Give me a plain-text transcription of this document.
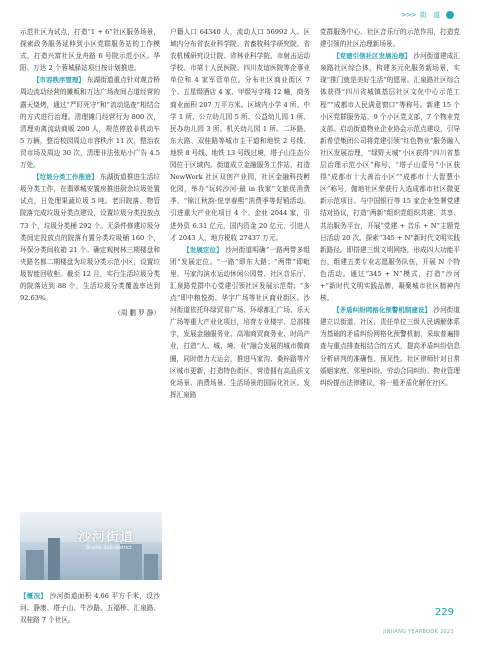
>>> 街 道

示范社区为试点，打造“1 + 6”社区服务场景，探索政务服务延伸到小区党群服务站的工作模式，打造兴富社区龙舟路 6 号院示范小区。华阳、万达 2 个蓉城驿站项目按计划推进。

【市容秩序管理】 东湖街道重点针对观音桥周边流动经营的摊贩和万达广场夜间占道经营的露天烧烤，通过“严盯死守”和“流动巡查”相结合的方式进行治理。清理摊门经营行为 800 次，清理劝离流动商贩 200 人，规范停放非机动车 5 万辆，整治校园周边市容秩序 11 次，整治农贸市场及周边 30 次，清理非法张贴小广告 4.5 万处。

【垃圾分类工作推进】 东湖街道推进生活垃圾分类工作，在翡翠城安置房推进厨余垃圾处置试点，日处理果蔬垃圾 5 吨。老旧院落、物管院落完成垃圾分类点建设，设置垃圾分类投放点 73 个，垃圾分类桶 292 个。无条件修建垃圾分类间定投放点的院落有置分类垃圾桶 160 个，环保分类间收箱 21 个。确定观树林三期楼盘和夹路名都二期楼盘为垃圾分类示范小区，设置垃圾智能回收柜。截至 12 月，实行生活垃圾分类的院落达到 88 个，生活垃圾分类覆盖率达到 92.63%。

（周 鹏 罗 静）

沙河街道
Shahe Sub-district

【概况】 沙河街道面积 4.66 平方千米，设沙河、静康、塔子山、牛沙路、五福桥、汇泉路、双桂路 7 个社区。

户籍人口 64340 人，流动人口 56992 人。区域内分布省农业科学院、省畜牧科学研究院、省农机械研究设计院、省林业科学院、市射击运动学校、市第十人民医院、四川友谊医院等企事业单位和 4 家军管单位。分布社区商业街区 7 个、五星级酒店 4 家、甲级写字楼 12 幢，商务商业面积 207 万平方米。区域内小学 4 所、中学 1 所、公立幼儿园 5 所、公益幼儿园 1 所、民办幼儿园 3 所、机关幼儿园 1 所。二环路、东大路、双桂路等城市主干道和地铁 2 号线、地铁 8 号线、地铁 13 号线过境，塔子山生态公园位于区域内。街道成立金融服务工作站，打造 NewWork 社区双创产业园，社区金融科技孵化园，举办“玩转沙河·最 in 我家”文旅促消费季、“锦江秋韵·悦享春熙”消费季等促销活动。引进重大产业化项目 4 个、企业 2044 家，引进外资 6.31 亿元，国内资金 20 亿元，引进人才 2043 人，地方税收 27437 万元。

【发展定位】 沙河街道明确“一路两带多组团”发展定位。“一路”即东大路；“两带”即毗里、马家沟滨水运动休闲公园带、社区音乐厅、汇泉路党群中心党建引领社区发展示范带；“多点”即中粮悦街、华宇广场等社区商业街区。沙河街道依托环绿贸易广场、环球都汇广场、乐天广场等重大产业化项目，培育专业楼宇、总部楼宇，发展金融服务业、高端商贸商务业、时尚产业，打造“人、城、境、业”融合发展的城市微商圈，同时借力大运会，推进马家沟、桑梓路等片区城市更新，打造特色街区，营造拥有高品质文化场景、消费场景、生活场景的国际化社区。发挥汇泉路

党群服务中心、社区音乐厅的示范作用，打造党建引领的社区治理新场景。

【党建引领社区发展治理】 沙河街道建成汇泉路社区综合体，构建多元化服务新场景，实现“推门就是美好生活”的愿景。汇泉路社区综合体获得“四川省城镇基层社区文化中心示范工程”“成都市人民满意窗口”等称号。新建 15 个小区党群服务站，9 个小区党支部，7 个物业党支部。启动街道物业企业协会示范点建设，引导新希望集团公司将党建引领“红色物业”服务融入社区发展治理，“绿野天城”小区获得“四川省基层治理示范小区”称号，“塔子山壹号”小区获得“成都市十大善治小区”“成都市十大智慧小区”称号，伽地社区荣获行人选成都市社区微更新示范项目。与中国银行等 15 家企业签署党建结对协议，打造“两新”组织党组织共建、共享、共治服务平台，开展“党建 + 音乐 + N”主题党日活动 20 次。探索“345 + N”新时代文明实践新路径。即搭建三级文明网络，形成四大功能平台，组建五类专业志愿服务队伍，开展 N 个特色活动。通过“345 + N”模式，打造“沙河 +”新时代文明实践品牌，凝聚城市社区精神内核。

【矛盾纠纷网格化预警机制建设】 沙河街道建立以街道、社区、责任单位三级人民调解体系为基础的矛盾纠纷网格化预警机制，采取普遍排查与重点排查相结合的方式，提高矛盾纠纷信息分析研判的准确性、预见性。社区律师针对日常婚姻家庭、邻里纠纷、劳动合同纠纷、物业管理纠纷提出法律建议，将一般矛盾化解在社区。

229
JINJIANG YEARBOOK 2023
